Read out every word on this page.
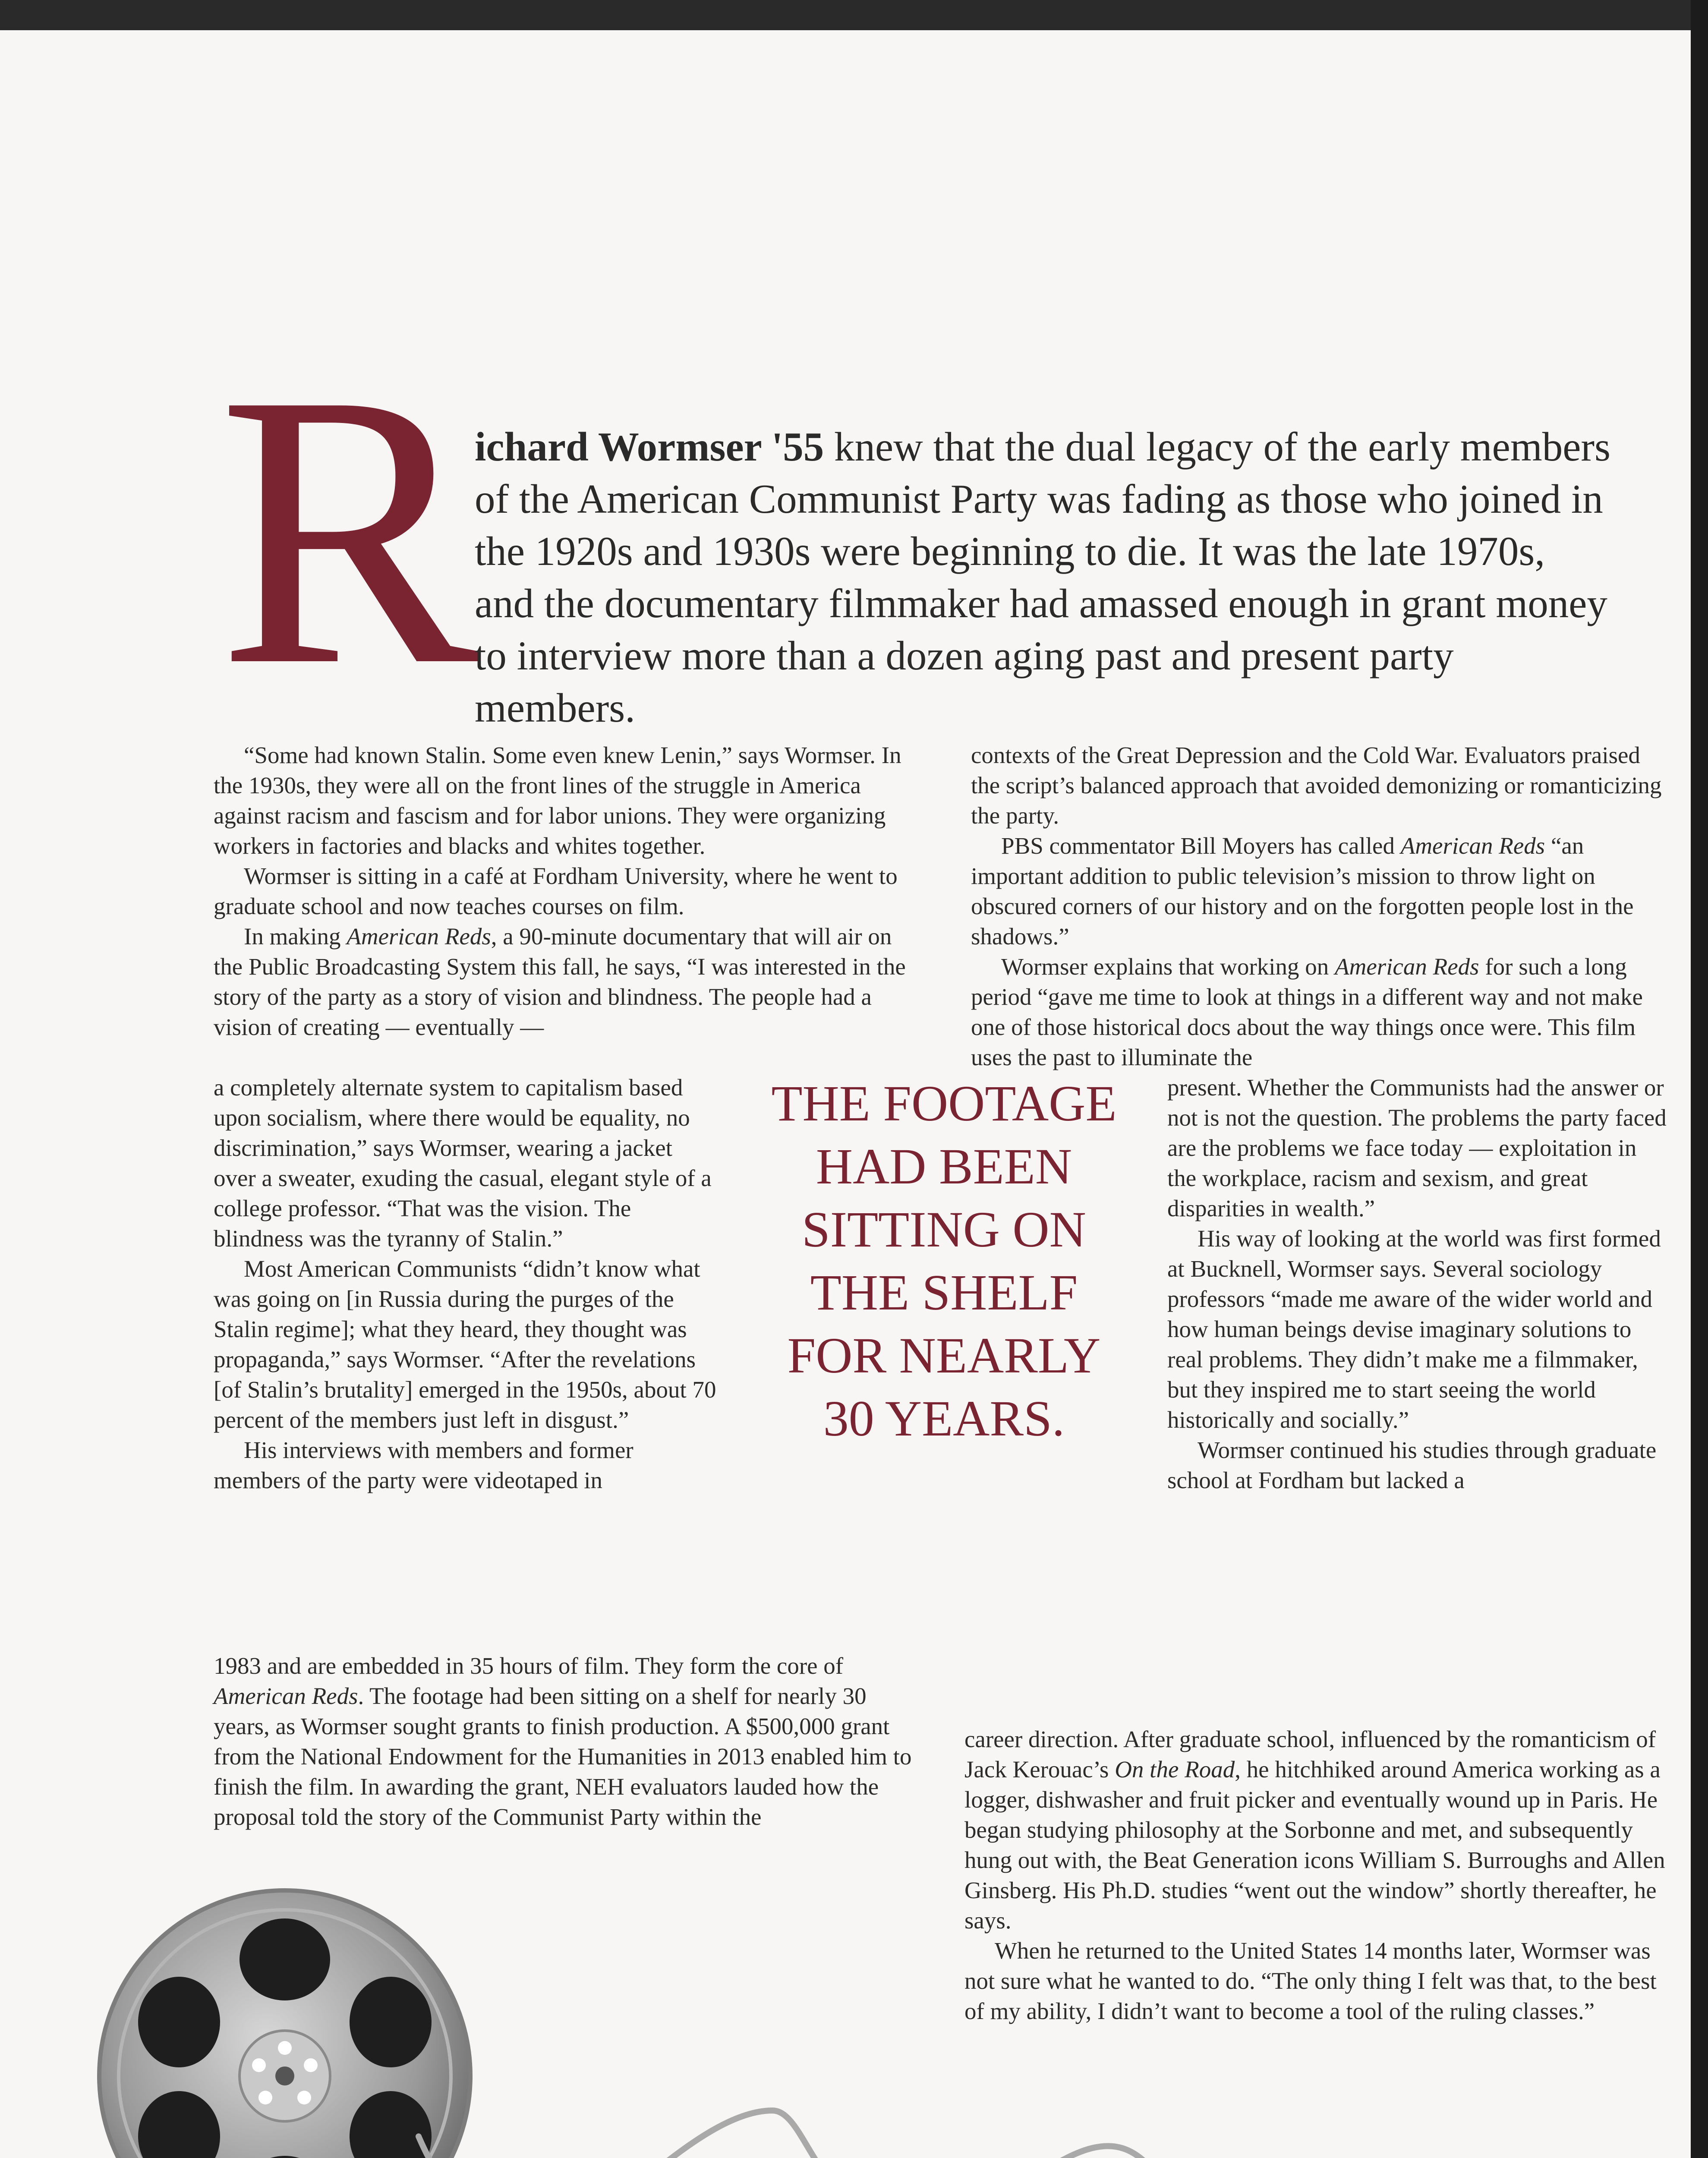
R

ichard Wormser '55 knew that the dual legacy of the early members of the American Communist Party was fading as those who joined in the 1920s and 1930s were beginning to die. It was the late 1970s, and the documentary filmmaker had amassed enough in grant money to interview more than a dozen aging past and present party members.

“Some had known Stalin. Some even knew Lenin,” says Wormser. In the 1930s, they were all on the front lines of the struggle in America against racism and fascism and for labor unions. They were organizing workers in factories and blacks and whites together.

Wormser is sitting in a café at Fordham University, where he went to graduate school and now teaches courses on film.

In making American Reds, a 90-minute documentary that will air on the Public Broadcasting System this fall, he says, “I was interested in the story of the party as a story of vision and blindness. The people had a vision of creating — eventually —

a completely alternate system to capitalism based upon socialism, where there would be equality, no discrimination,” says Wormser, wearing a jacket over a sweater, exuding the casual, elegant style of a college professor. “That was the vision. The blindness was the tyranny of Stalin.”

Most American Communists “didn’t know what was going on [in Russia during the purges of the Stalin regime]; what they heard, they thought was propaganda,” says Wormser. “After the revelations [of Stalin’s brutality] emerged in the 1950s, about 70 percent of the members just left in disgust.”

His interviews with members and former members of the party were videotaped in

1983 and are embedded in 35 hours of film. They form the core of American Reds. The footage had been sitting on a shelf for nearly 30 years, as Wormser sought grants to finish production. A $500,000 grant from the National Endowment for the Humanities in 2013 enabled him to finish the film. In awarding the grant, NEH evaluators lauded how the proposal told the story of the Communist Party within the

THE FOOTAGE
HAD BEEN
SITTING ON
THE SHELF
FOR NEARLY
30 YEARS.

contexts of the Great Depression and the Cold War. Evaluators praised the script’s balanced approach that avoided demonizing or romanticizing the party.

PBS commentator Bill Moyers has called American Reds “an important addition to public television’s mission to throw light on obscured corners of our history and on the forgotten people lost in the shadows.”

Wormser explains that working on American Reds for such a long period “gave me time to look at things in a different way and not make one of those historical docs about the way things once were. This film uses the past to illuminate the

present. Whether the Communists had the answer or not is not the question. The problems the party faced are the problems we face today — exploitation in the workplace, racism and sexism, and great disparities in wealth.”

His way of looking at the world was first formed at Bucknell, Wormser says. Several sociology professors “made me aware of the wider world and how human beings devise imaginary solutions to real problems. They didn’t make me a filmmaker, but they inspired me to start seeing the world historically and socially.”

Wormser continued his studies through graduate school at Fordham but lacked a

career direction. After graduate school, influenced by the romanticism of Jack Kerouac’s On the Road, he hitchhiked around America working as a logger, dishwasher and fruit picker and eventually wound up in Paris. He began studying philosophy at the Sorbonne and met, and subsequently hung out with, the Beat Generation icons William S. Burroughs and Allen Ginsberg. His Ph.D. studies “went out the window” shortly thereafter, he says.

When he returned to the United States 14 months later, Wormser was not sure what he wanted to do. “The only thing I felt was that, to the best of my ability, I didn’t want to become a tool of the ruling classes.”
